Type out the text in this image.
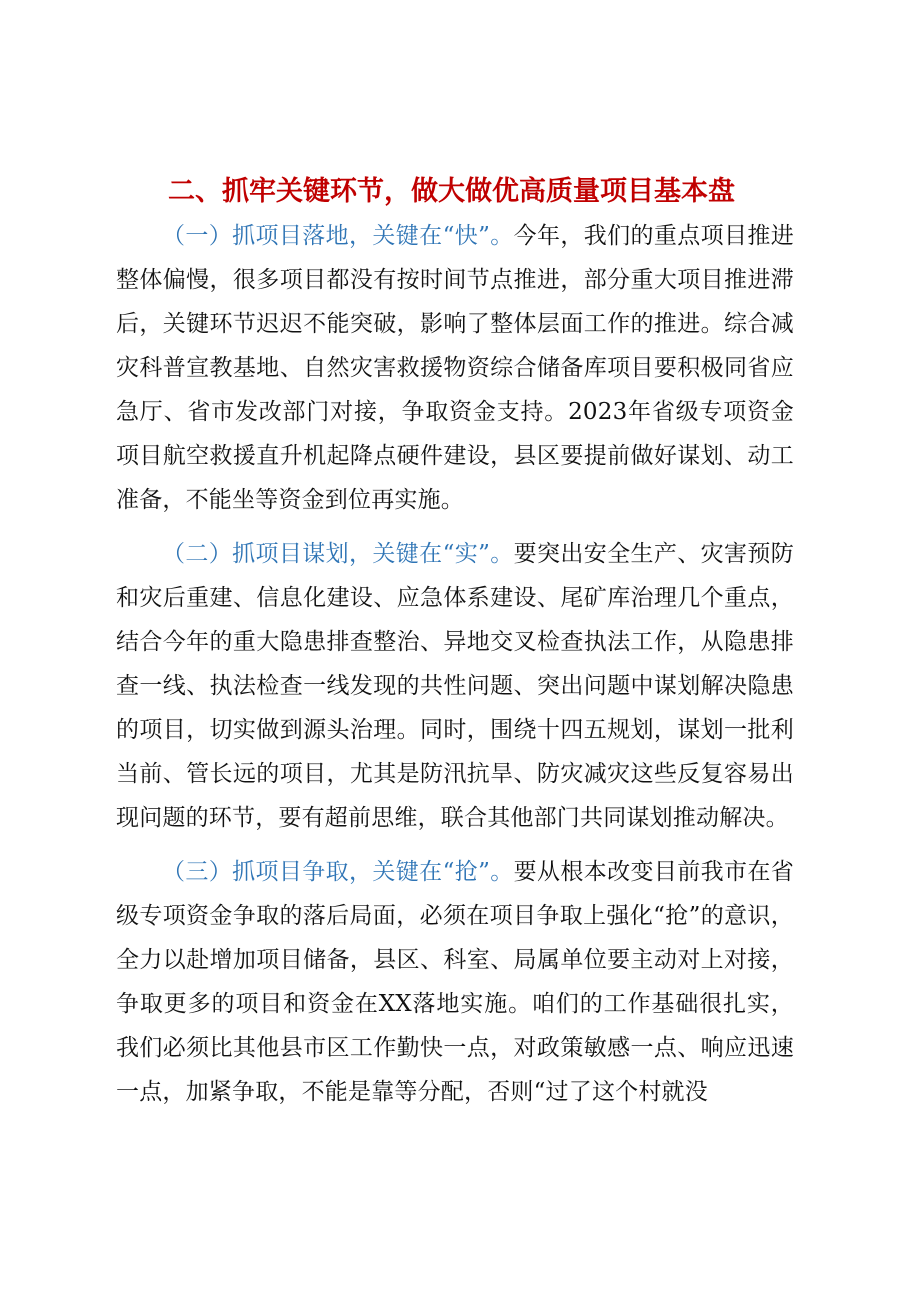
二、抓牢关键环节，做大做优高质量项目基本盘

（一）抓项目落地，关键在“快”。今年，我们的重点项目推进整体偏慢，很多项目都没有按时间节点推进，部分重大项目推进滞后，关键环节迟迟不能突破，影响了整体层面工作的推进。综合减灾科普宣教基地、自然灾害救援物资综合储备库项目要积极同省应急厅、省市发改部门对接，争取资金支持。2023年省级专项资金项目航空救援直升机起降点硬件建设，县区要提前做好谋划、动工准备，不能坐等资金到位再实施。

（二）抓项目谋划，关键在“实”。要突出安全生产、灾害预防和灾后重建、信息化建设、应急体系建设、尾矿库治理几个重点，结合今年的重大隐患排查整治、异地交叉检查执法工作，从隐患排查一线、执法检查一线发现的共性问题、突出问题中谋划解决隐患的项目，切实做到源头治理。同时，围绕十四五规划，谋划一批利当前、管长远的项目，尤其是防汛抗旱、防灾减灾这些反复容易出现问题的环节，要有超前思维，联合其他部门共同谋划推动解决。

（三）抓项目争取，关键在“抢”。要从根本改变目前我市在省级专项资金争取的落后局面，必须在项目争取上强化“抢”的意识，全力以赴增加项目储备，县区、科室、局属单位要主动对上对接，争取更多的项目和资金在XX落地实施。咱们的工作基础很扎实，我们必须比其他县市区工作勤快一点，对政策敏感一点、响应迅速一点，加紧争取，不能是靠等分配，否则“过了这个村就没
